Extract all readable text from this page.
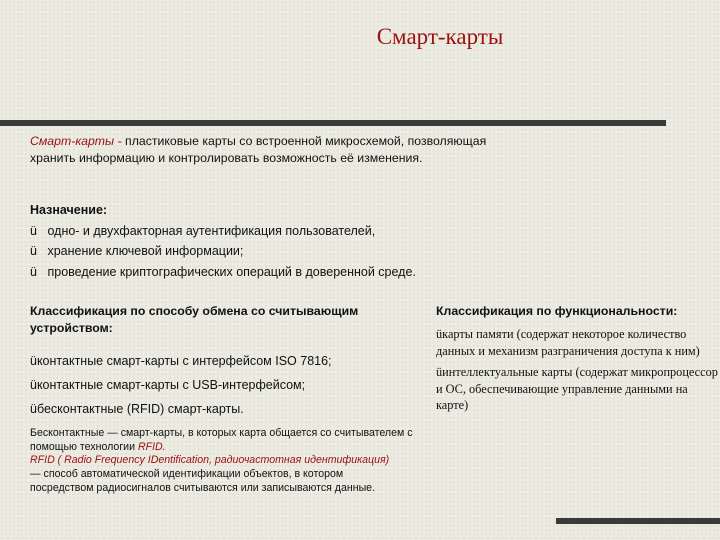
Смарт-карты
Смарт-карты - пластиковые карты со встроенной микросхемой, позволяющая хранить информацию и контролировать возможность её изменения.
Назначение:
ü одно- и двухфакторная аутентификация пользователей,
ü хранение ключевой информации;
ü проведение криптографических операций в доверенной среде.
Классификация по способу обмена со считывающим устройством:
üконтактные смарт-карты с интерфейсом ISO 7816;
üконтактные смарт-карты с USB-интерфейсом;
üбесконтактные (RFID) смарт-карты.
Бесконтактные — смарт-карты, в которых карта общается со считывателем с помощью технологии RFID.
RFID ( Radio Frequency IDentification, радиочастотная идентификация) — способ автоматической идентификации объектов, в котором посредством радиосигналов считываются или записываются данные.
Классификация по функциональности:
üкарты памяти (содержат некоторое количество данных и механизм разграничения доступа к ним)
üинтеллектуальные карты (содержат микропроцессор и ОС, обеспечивающие управление данными на карте)
